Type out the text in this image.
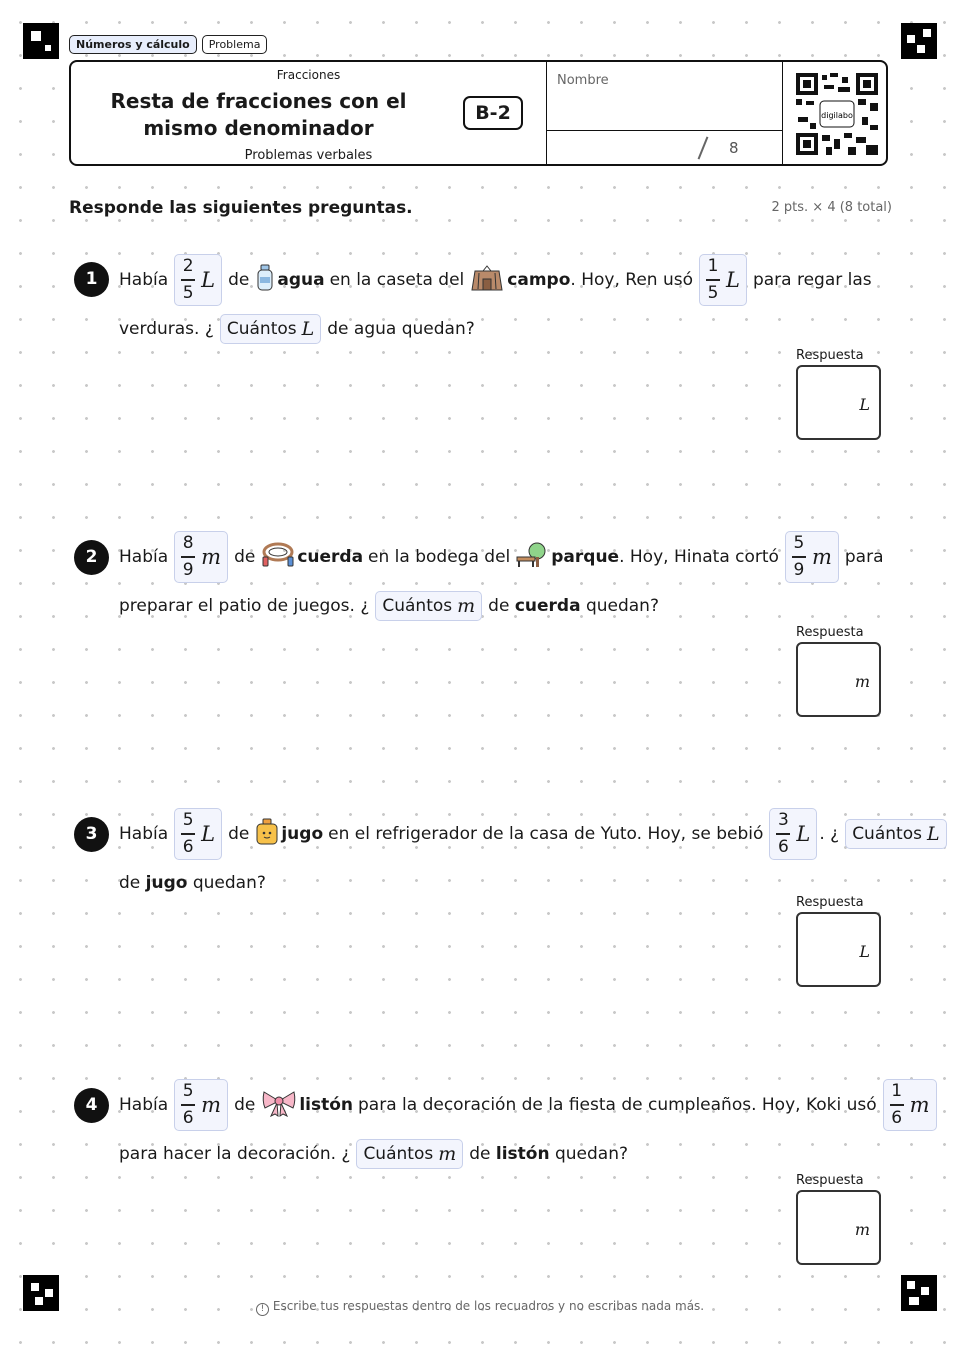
Números y cálculo	Problema
Fracciones
Resta de fracciones con el mismo denominador
Problemas verbales
B-2
Nombre
8
digilabo
Responde las siguientes preguntas.	2 pts. × 4 (8 total)
1	Había
2
5
L de agua en la caseta del	campo . Hoy, Ren usó
1
5
L para regar las
verduras. ¿ Cuántos L de agua quedan?
Respuesta
L
2	Había
8
9
m de cuerda en la bodega del parque . Hoy, Hinata cortó
5
9
m para
preparar el patio de juegos. ¿ Cuántos m de
cuerda
quedan?
Respuesta
m
3	Había
5
6
L de jugo en el refrigerador de la casa de Yuto. Hoy, se bebió
3
6
L . ¿ Cuántos L
de
jugo
quedan?
Respuesta
L
4	Había
5
6
m de	listón para la decoración de la fiesta de cumpleaños. Hoy, Koki usó
1
6
m
para hacer la decoración. ¿ Cuántos m de
listón
quedan?
Respuesta
m
! Escribe tus respuestas dentro de los recuadros y no escribas nada más.
